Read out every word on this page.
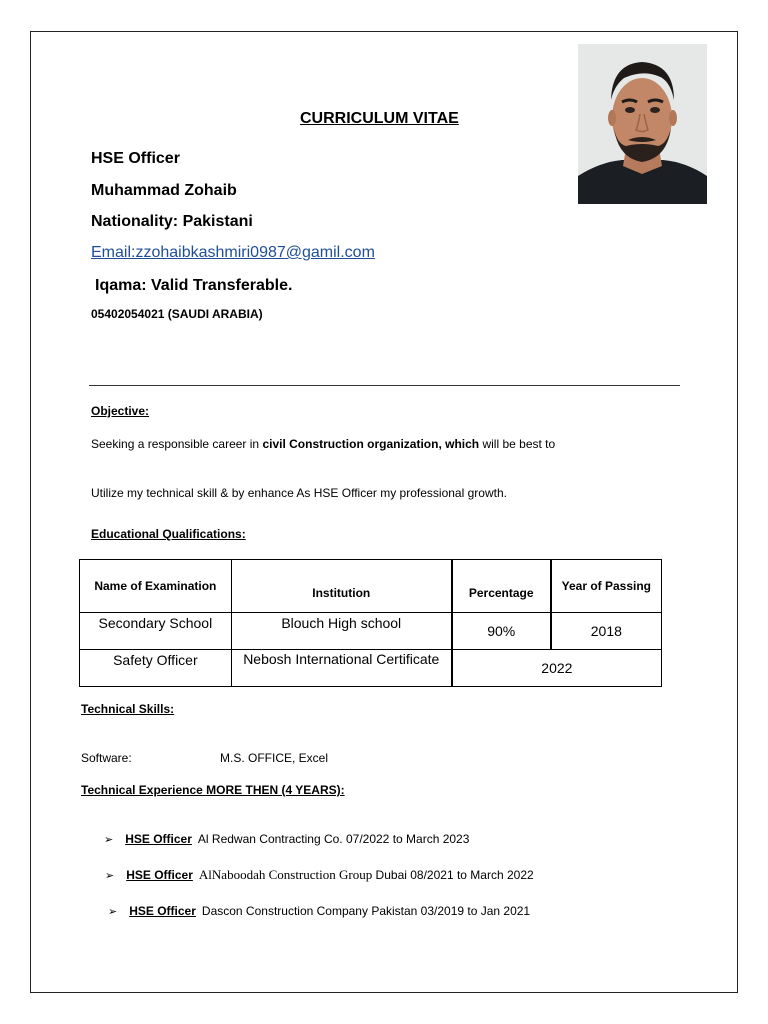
CURRICULUM VITAE
HSE Officer
Muhammad Zohaib
Nationality: Pakistani
Email:zzohaibkashmiri0987@gamil.com
Iqama: Valid Transferable.
05402054021 (SAUDI ARABIA)
Objective:
Seeking a responsible career in civil Construction organization, which will be best to
Utilize my technical skill & by enhance As HSE Officer my professional growth.
Educational Qualifications:
Name of Examination	Institution	Percentage	Year of Passing
Secondary School	Blouch High school	90%	2018
Safety Officer	Nebosh International Certificate	2022	
Technical Skills:
Software:	M.S. OFFICE, Excel
Technical Experience MORE THEN (4 YEARS):
➢ HSE Officer Al Redwan Contracting Co. 07/2022 to March 2023
➢ HSE Officer AlNaboodah Construction Group Dubai 08/2021 to March 2022
➢ HSE Officer Dascon Construction Company Pakistan 03/2019 to Jan 2021
